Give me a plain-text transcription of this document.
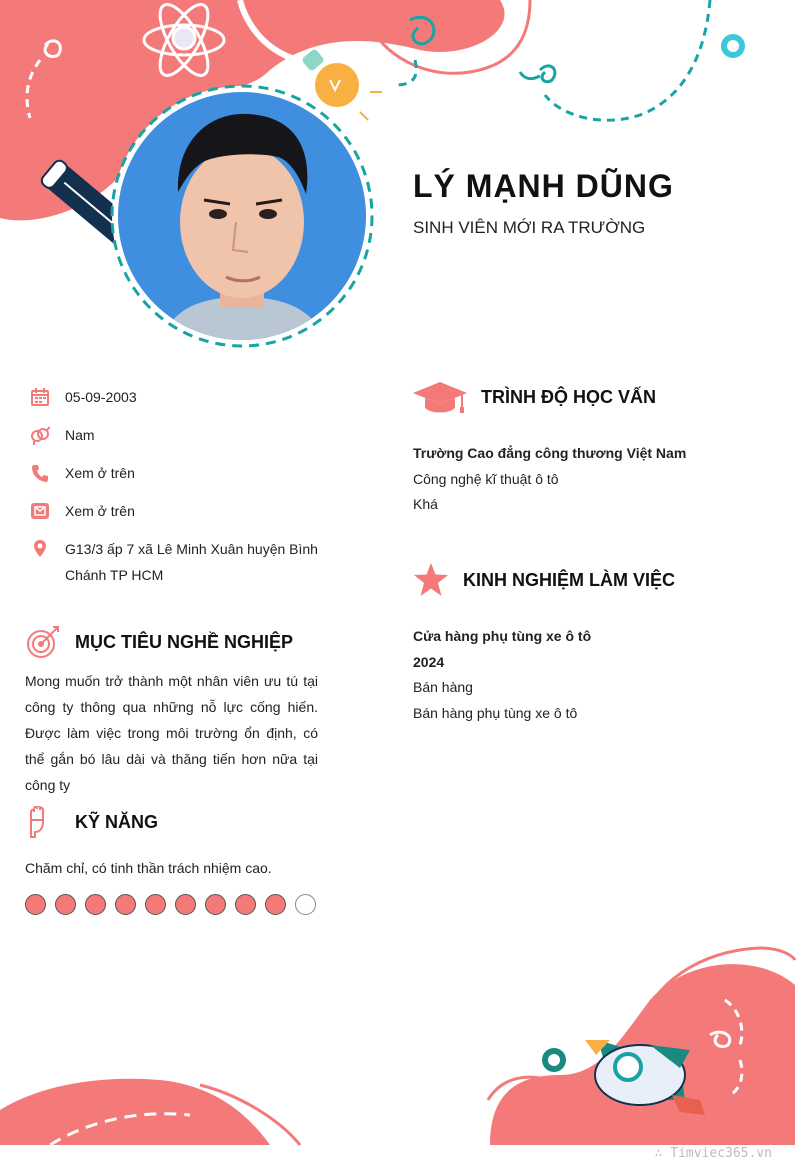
LÝ MẠNH DŨNG
SINH VIÊN MỚI RA TRƯỜNG
05-09-2003
Nam
Xem ở trên
Xem ở trên
G13/3 ấp 7 xã Lê Minh Xuân huyện Bình Chánh TP HCM
MỤC TIÊU NGHỀ NGHIỆP
Mong muốn trở thành một nhân viên ưu tú tại công ty thông qua những nỗ lực cống hiến. Được làm việc trong môi trường ổn định, có thể gắn bó lâu dài và thăng tiến hơn nữa tại công ty
KỸ NĂNG
Chăm chỉ, có tinh thần trách nhiệm cao.
TRÌNH ĐỘ HỌC VẤN
Trường Cao đẳng công thương Việt Nam
Công nghệ kĩ thuật ô tô
Khá
KINH NGHIỆM LÀM VIỆC
Cửa hàng phụ tùng xe ô tô
2024
Bán hàng
Bán hàng phụ tùng xe ô tô
∴ Timviec365.vn
